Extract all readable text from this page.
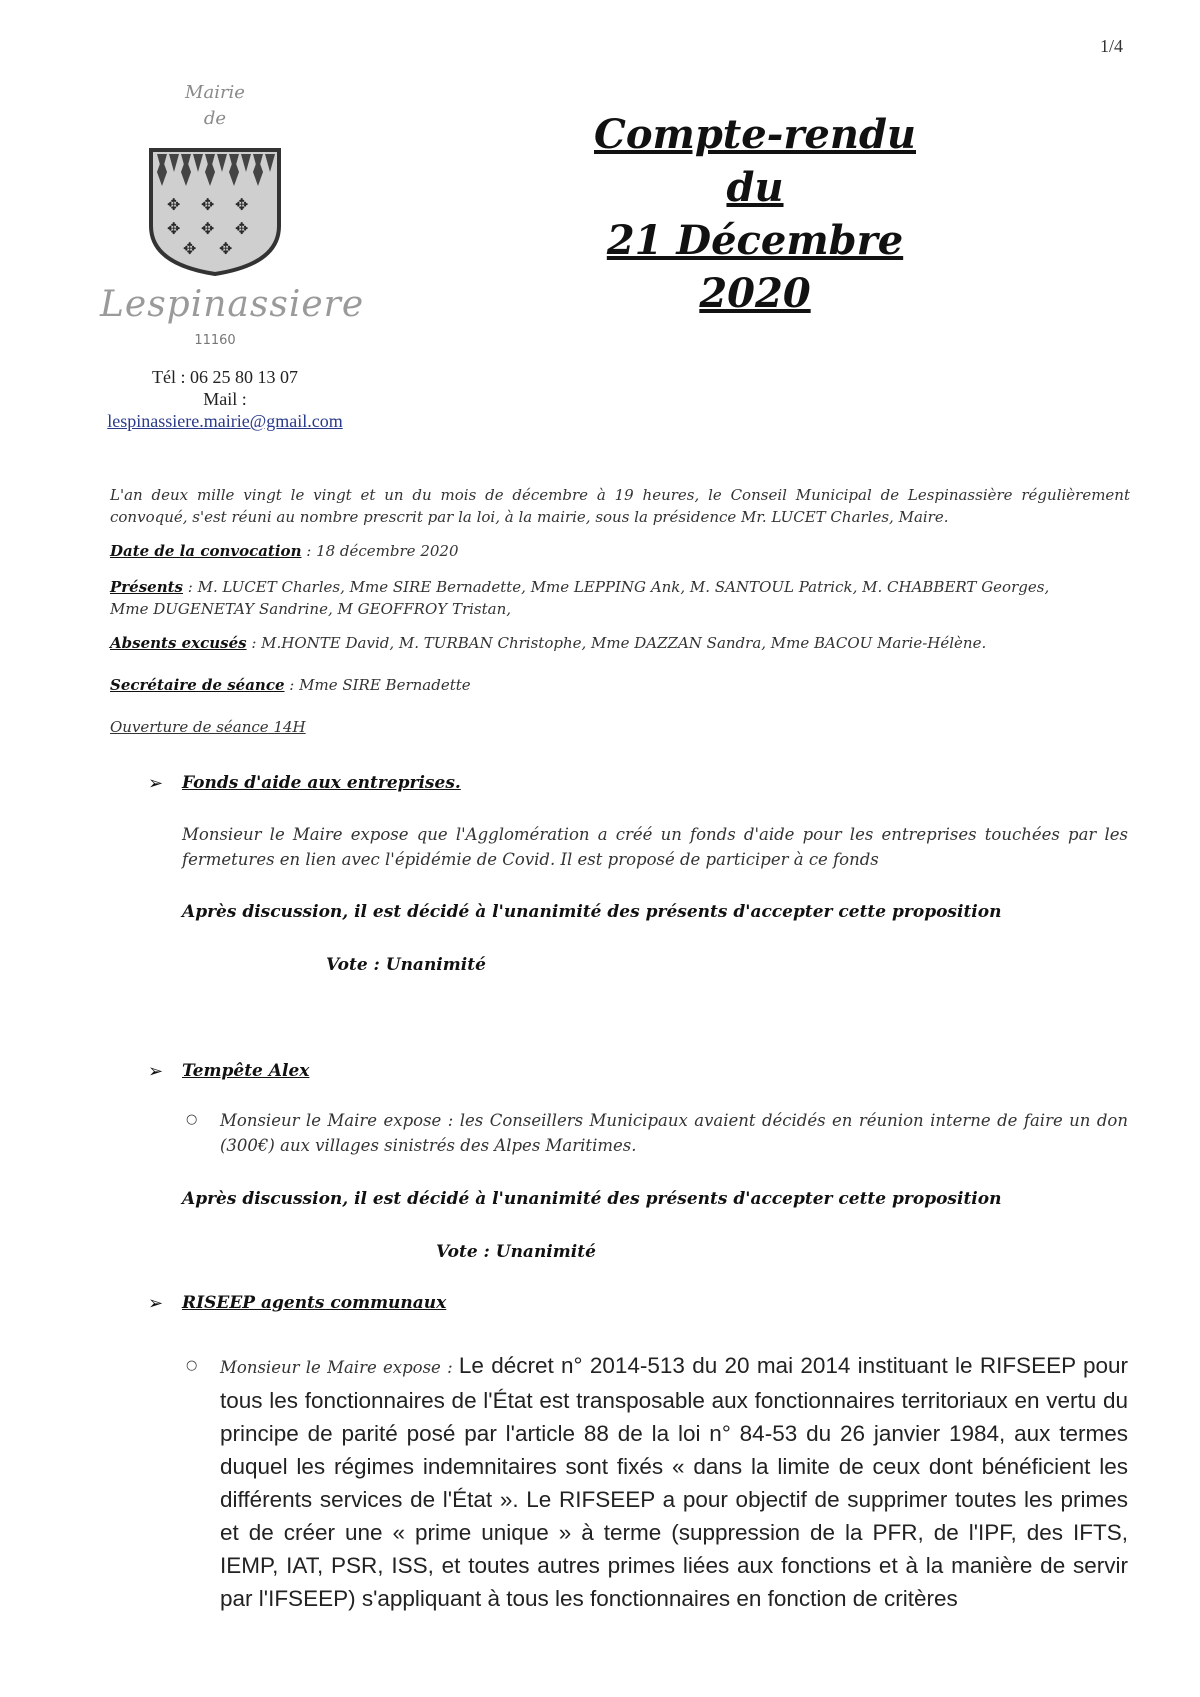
1/4
Mairie
de
✥ ✥ ✥
✥ ✥ ✥
✥ ✥
Lespinassiere
11160
Tél : 06 25 80 13 07
Mail :
lespinassiere.mairie@gmail.com
Compte-rendu
du
21 Décembre 2020
L'an deux mille vingt le vingt et un du mois de décembre à 19 heures, le Conseil Municipal de Lespinassière régulièrement convoqué, s'est réuni au nombre prescrit par la loi, à la mairie, sous la présidence Mr. LUCET Charles, Maire.
Date de la convocation : 18 décembre 2020
Présents : M. LUCET Charles, Mme SIRE Bernadette, Mme LEPPING Ank, M. SANTOUL Patrick, M. CHABBERT Georges,
Mme DUGENETAY Sandrine, M GEOFFROY Tristan,
Absents excusés : M.HONTE David, M. TURBAN Christophe, Mme DAZZAN Sandra, Mme BACOU Marie-Hélène.
Secrétaire de séance : Mme SIRE Bernadette
Ouverture de séance 14H
➢ Fonds d'aide aux entreprises.
Monsieur le Maire expose que l'Agglomération a créé un fonds d'aide pour les entreprises touchées par les fermetures en lien avec l'épidémie de Covid. Il est proposé de participer à ce fonds
Après discussion, il est décidé à l'unanimité des présents d'accepter cette proposition
Vote : Unanimité
➢ Tempête Alex
○ Monsieur le Maire expose : les Conseillers Municipaux avaient décidés en réunion interne de faire un don (300€) aux villages sinistrés des Alpes Maritimes.
Après discussion, il est décidé à l'unanimité des présents d'accepter cette proposition
Vote : Unanimité
➢ RISEEP agents communaux
○ Monsieur le Maire expose : Le décret n° 2014-513 du 20 mai 2014 instituant le RIFSEEP pour tous les fonctionnaires de l'État est transposable aux fonctionnaires territoriaux en vertu du principe de parité posé par l'article 88 de la loi n° 84-53 du 26 janvier 1984, aux termes duquel les régimes indemnitaires sont fixés « dans la limite de ceux dont bénéficient les différents services de l'État ». Le RIFSEEP a pour objectif de supprimer toutes les primes et de créer une « prime unique » à terme (suppression de la PFR, de l'IPF, des IFTS, IEMP, IAT, PSR, ISS, et toutes autres primes liées aux fonctions et à la manière de servir par l'IFSEEP) s'appliquant à tous les fonctionnaires en fonction de critères
